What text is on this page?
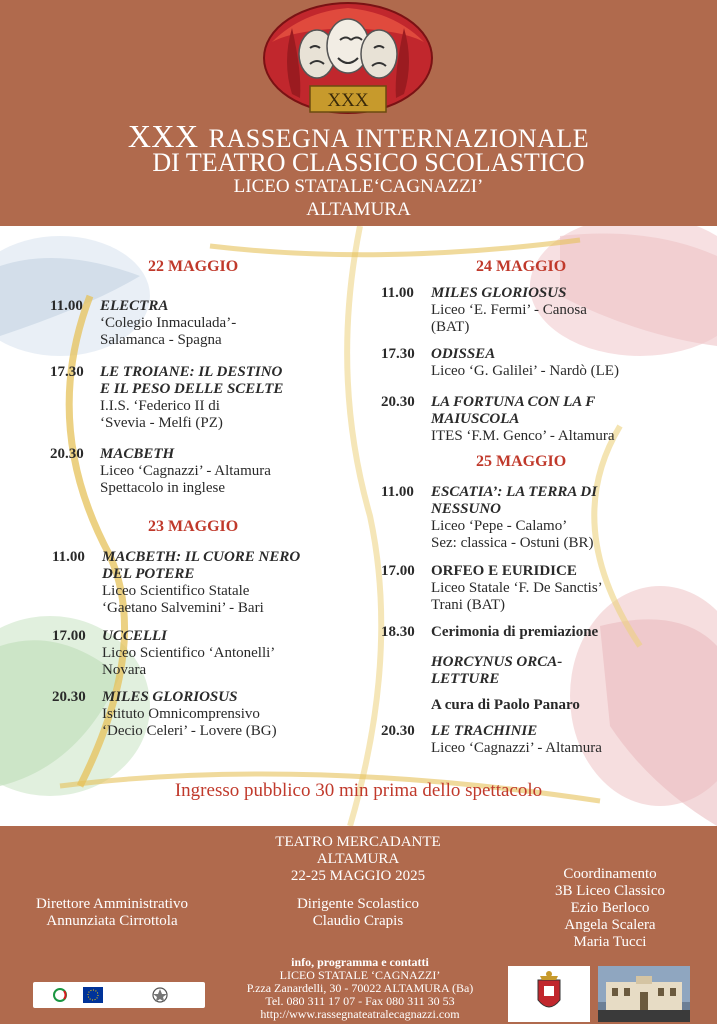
XXX
XXX RASSEGNA INTERNAZIONALE
DI TEATRO CLASSICO SCOLASTICO
LICEO STATALE‘CAGNAZZI’
ALTAMURA
22 MAGGIO
11.00 ELECTRA
‘Colegio Inmaculada’-
Salamanca - Spagna
17.30 LE TROIANE: IL DESTINO
E IL PESO DELLE SCELTE
I.I.S. ‘Federico II di
‘Svevia - Melfi (PZ)
20.30 MACBETH
Liceo ‘Cagnazzi’ - Altamura
Spettacolo in inglese
23 MAGGIO
11.00 MACBETH: IL CUORE NERO
DEL POTERE
Liceo Scientifico Statale
‘Gaetano Salvemini’ - Bari
17.00 UCCELLI
Liceo Scientifico ‘Antonelli’
Novara
20.30 MILES GLORIOSUS
Istituto Omnicomprensivo
‘Decio Celeri’ - Lovere (BG)
24 MAGGIO
11.00 MILES GLORIOSUS
Liceo ‘E. Fermi’ - Canosa
(BAT)
17.30 ODISSEA
Liceo ‘G. Galilei’ - Nardò (LE)
20.30 LA FORTUNA CON LA F
MAIUSCOLA
ITES ‘F.M. Genco’ - Altamura
25 MAGGIO
11.00 ESCATIA’: LA TERRA DI
NESSUNO
Liceo ‘Pepe - Calamo’
Sez: classica - Ostuni (BR)
17.00 ORFEO E EURIDICE
Liceo Statale ‘F. De Sanctis’
Trani (BAT)
18.30 Cerimonia di premiazione
HORCYNUS ORCA-
LETTURE
A cura di Paolo Panaro
20.30 LE TRACHINIE
Liceo ‘Cagnazzi’ - Altamura
Ingresso pubblico 30 min prima dello spettacolo
TEATRO MERCADANTE
ALTAMURA
22-25 MAGGIO 2025
Direttore Amministrativo
Annunziata Cirrottola
Dirigente Scolastico
Claudio Crapis
Coordinamento
3B Liceo Classico
Ezio Berloco
Angela Scalera
Maria Tucci
info, programma e contatti
LICEO STATALE ‘CAGNAZZI’
P.zza Zanardelli, 30 - 70022 ALTAMURA (Ba)
Tel. 080 311 17 07 - Fax 080 311 30 53
http://www.rassegnateatralecagnazzi.com
